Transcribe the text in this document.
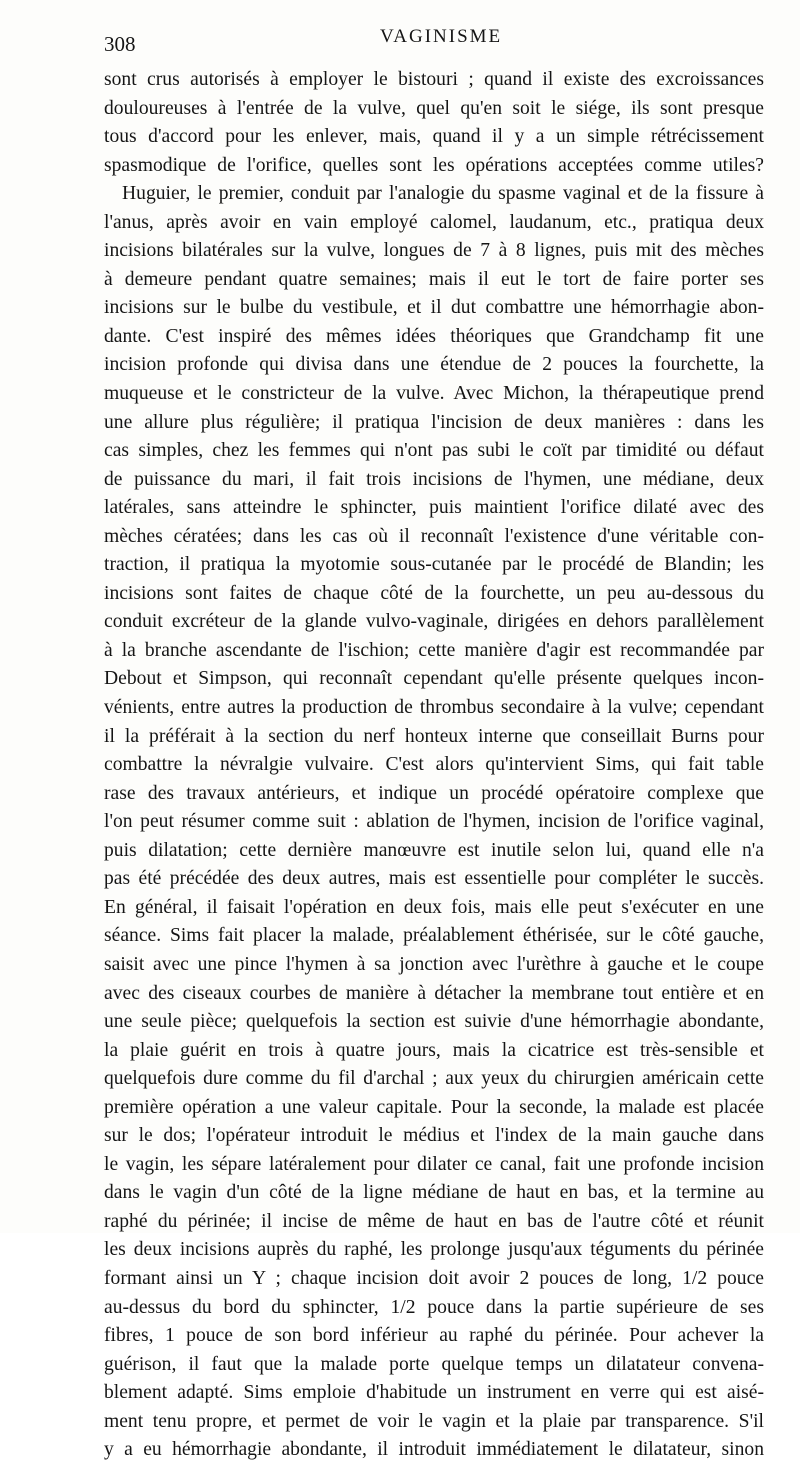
308	VAGINISME
sont crus autorisés à employer le bistouri ; quand il existe des excroissances
douloureuses à l'entrée de la vulve, quel qu'en soit le siége, ils sont presque
tous d'accord pour les enlever, mais, quand il y a un simple rétrécissement
spasmodique de l'orifice, quelles sont les opérations acceptées comme utiles?
Huguier, le premier, conduit par l'analogie du spasme vaginal et de la fissure à
l'anus, après avoir en vain employé calomel, laudanum, etc., pratiqua deux
incisions bilatérales sur la vulve, longues de 7 à 8 lignes, puis mit des mèches
à demeure pendant quatre semaines; mais il eut le tort de faire porter ses
incisions sur le bulbe du vestibule, et il dut combattre une hémorrhagie abon-
dante. C'est inspiré des mêmes idées théoriques que Grandchamp fit une
incision profonde qui divisa dans une étendue de 2 pouces la fourchette, la
muqueuse et le constricteur de la vulve. Avec Michon, la thérapeutique prend
une allure plus régulière; il pratiqua l'incision de deux manières : dans les
cas simples, chez les femmes qui n'ont pas subi le coït par timidité ou défaut
de puissance du mari, il fait trois incisions de l'hymen, une médiane, deux
latérales, sans atteindre le sphincter, puis maintient l'orifice dilaté avec des
mèches cératées; dans les cas où il reconnaît l'existence d'une véritable con-
traction, il pratiqua la myotomie sous-cutanée par le procédé de Blandin; les
incisions sont faites de chaque côté de la fourchette, un peu au-dessous du
conduit excréteur de la glande vulvo-vaginale, dirigées en dehors parallèlement
à la branche ascendante de l'ischion; cette manière d'agir est recommandée par
Debout et Simpson, qui reconnaît cependant qu'elle présente quelques incon-
vénients, entre autres la production de thrombus secondaire à la vulve; cependant
il la préférait à la section du nerf honteux interne que conseillait Burns pour
combattre la névralgie vulvaire. C'est alors qu'intervient Sims, qui fait table
rase des travaux antérieurs, et indique un procédé opératoire complexe que
l'on peut résumer comme suit : ablation de l'hymen, incision de l'orifice vaginal,
puis dilatation; cette dernière manœuvre est inutile selon lui, quand elle n'a
pas été précédée des deux autres, mais est essentielle pour compléter le succès.
En général, il faisait l'opération en deux fois, mais elle peut s'exécuter en une
séance. Sims fait placer la malade, préalablement éthérisée, sur le côté gauche,
saisit avec une pince l'hymen à sa jonction avec l'urèthre à gauche et le coupe
avec des ciseaux courbes de manière à détacher la membrane tout entière et en
une seule pièce; quelquefois la section est suivie d'une hémorrhagie abondante,
la plaie guérit en trois à quatre jours, mais la cicatrice est très-sensible et
quelquefois dure comme du fil d'archal ; aux yeux du chirurgien américain cette
première opération a une valeur capitale. Pour la seconde, la malade est placée
sur le dos; l'opérateur introduit le médius et l'index de la main gauche dans
le vagin, les sépare latéralement pour dilater ce canal, fait une profonde incision
dans le vagin d'un côté de la ligne médiane de haut en bas, et la termine au
raphé du périnée; il incise de même de haut en bas de l'autre côté et réunit
les deux incisions auprès du raphé, les prolonge jusqu'aux téguments du périnée
formant ainsi un Y ; chaque incision doit avoir 2 pouces de long, 1/2 pouce
au-dessus du bord du sphincter, 1/2 pouce dans la partie supérieure de ses
fibres, 1 pouce de son bord inférieur au raphé du périnée. Pour achever la
guérison, il faut que la malade porte quelque temps un dilatateur convena-
blement adapté. Sims emploie d'habitude un instrument en verre qui est aisé-
ment tenu propre, et permet de voir le vagin et la plaie par transparence. S'il
y a eu hémorrhagie abondante, il introduit immédiatement le dilatateur, sinon
